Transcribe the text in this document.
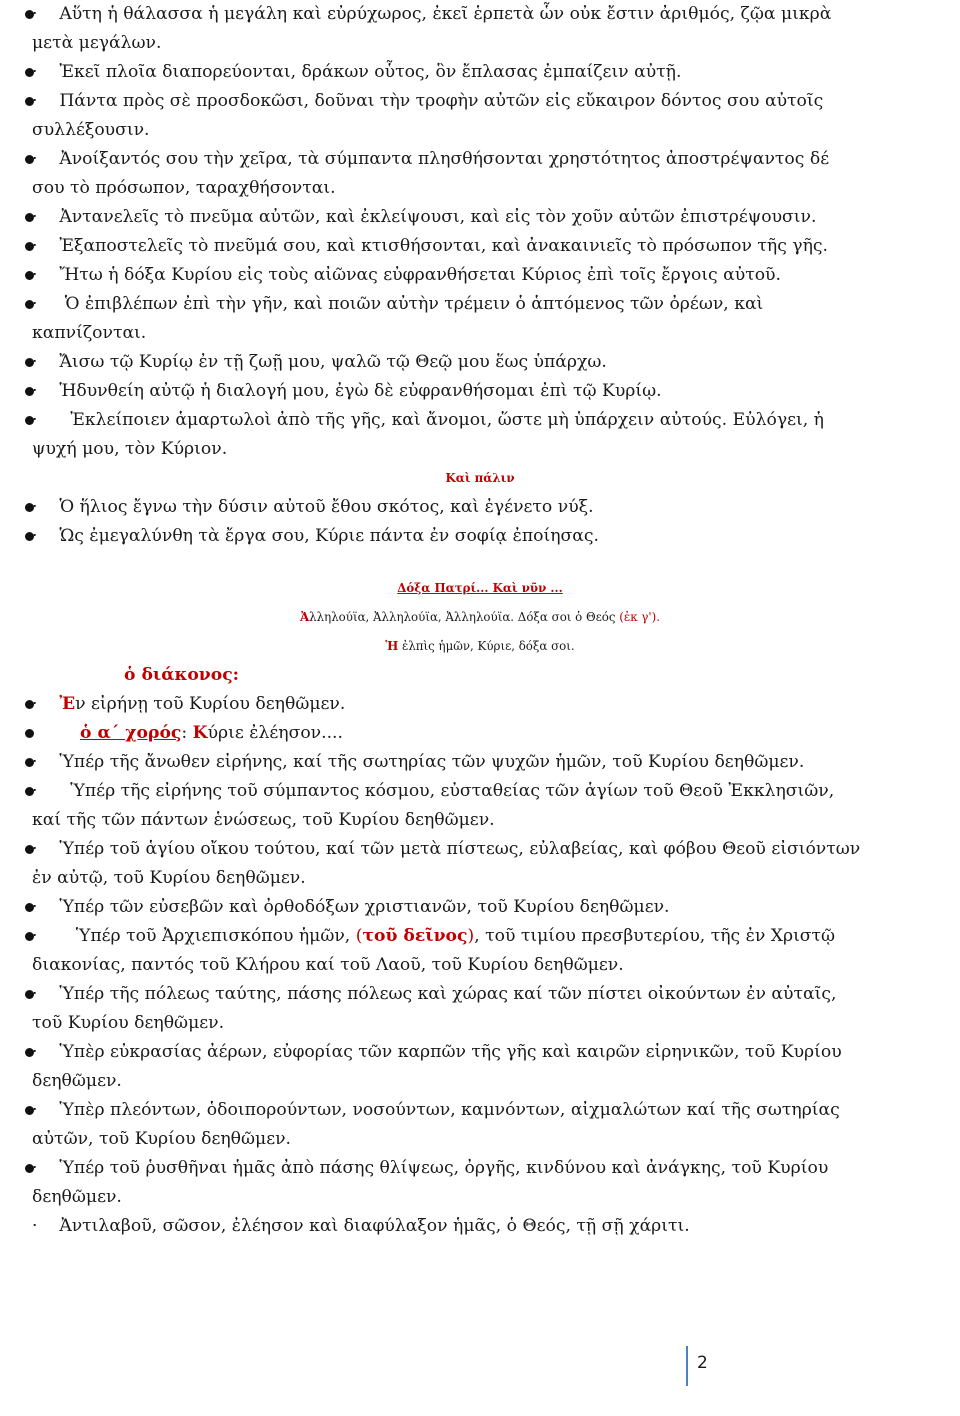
·    Αὕτη ἡ θάλασσα ἡ μεγάλη καὶ εὐρύχωρος, ἐκεῖ ἑρπετὰ ὧν οὐκ ἔστιν ἀριθμός, ζῷα μικρὰ
μετὰ μεγάλων.
·    Ἐκεῖ πλοῖα διαπορεύονται, δράκων οὗτος, ὃν ἔπλασας ἐμπαίζειν αὐτῇ.
·    Πάντα πρὸς σὲ προσδοκῶσι, δοῦναι τὴν τροφὴν αὐτῶν εἰς εὔκαιρον δόντος σου αὐτοῖς
συλλέξουσιν.
·    Ἀνοίξαντός σου τὴν χεῖρα, τὰ σύμπαντα πλησθήσονται χρηστότητος ἀποστρέψαντος δέ
σου τὸ πρόσωπον, ταραχθήσονται.
·    Ἀντανελεῖς τὸ πνεῦμα αὐτῶν, καὶ ἐκλείψουσι, καὶ εἰς τὸν χοῦν αὐτῶν ἐπιστρέψουσιν.
·    Ἐξαποστελεῖς τὸ πνεῦμά σου, καὶ κτισθήσονται, καὶ ἀνακαινιεῖς τὸ πρόσωπον τῆς γῆς.
·    Ἤτω ἡ δόξα Κυρίου εἰς τοὺς αἰῶνας εὐφρανθήσεται Κύριος ἐπὶ τοῖς ἔργοις αὐτοῦ.
·     Ὁ ἐπιβλέπων ἐπὶ τὴν γῆν, καὶ ποιῶν αὐτὴν τρέμειν ὁ ἁπτόμενος τῶν ὀρέων, καὶ
καπνίζονται.
·    Ἄισω τῷ Κυρίῳ ἐν τῇ ζωῇ μου, ψαλῶ τῷ Θεῷ μου ἕως ὑπάρχω.
·    Ἡδυνθείη αὐτῷ ἡ διαλογή μου, ἐγὼ δὲ εὐφρανθήσομαι ἐπὶ τῷ Κυρίῳ.
·      Ἐκλείποιεν ἁμαρτωλοὶ ἀπὸ τῆς γῆς, καὶ ἄνομοι, ὥστε μὴ ὑπάρχειν αὐτούς. Εὐλόγει, ἡ
ψυχή μου, τὸν Κύριον.
Καὶ πάλιν
·    Ὁ ἥλιος ἔγνω τὴν δύσιν αὐτοῦ ἔθου σκότος, καὶ ἐγένετο νύξ.
·    Ὡς ἐμεγαλύνθη τὰ ἔργα σου, Κύριε πάντα ἐν σοφίᾳ ἐποίησας.
Δόξα Πατρί... Καὶ νῦν ...
Ἀλληλούϊα, Ἀλληλούϊα, Ἀλληλούϊα. Δόξα σοι ὁ Θεός (ἐκ γ').
Ἡ ἐλπὶς ἡμῶν, Κύριε, δόξα σοι.
ὁ διάκονος:
·    Ἐν εἰρήνῃ τοῦ Κυρίου δεηθῶμεν.
ὁ α΄ χορός: Κύριε ἐλέησον....
·    Ὑπέρ τῆς ἄνωθεν εἰρήνης, καί τῆς σωτηρίας τῶν ψυχῶν ἡμῶν, τοῦ Κυρίου δεηθῶμεν.
·      Ὑπέρ τῆς εἰρήνης τοῦ σύμπαντος κόσμου, εὐσταθείας τῶν ἁγίων τοῦ Θεοῦ Ἐκκλησιῶν,
καί τῆς τῶν πάντων ἑνώσεως, τοῦ Κυρίου δεηθῶμεν.
·    Ὑπέρ τοῦ ἁγίου οἴκου τούτου, καί τῶν μετὰ πίστεως, εὐλαβείας, καὶ φόβου Θεοῦ εἰσιόντων
ἐν αὐτῷ, τοῦ Κυρίου δεηθῶμεν.
·    Ὑπέρ τῶν εὐσεβῶν καὶ ὀρθοδόξων χριστιανῶν, τοῦ Κυρίου δεηθῶμεν.
·       Ὑπέρ τοῦ Ἀρχιεπισκόπου ἡμῶν, (τοῦ δεῖνος), τοῦ τιμίου πρεσβυτερίου, τῆς ἐν Χριστῷ
διακονίας, παντός τοῦ Κλήρου καί τοῦ Λαοῦ, τοῦ Κυρίου δεηθῶμεν.
·    Ὑπέρ τῆς πόλεως ταύτης, πάσης πόλεως καὶ χώρας καί τῶν πίστει οἰκούντων ἐν αὐταῖς,
τοῦ Κυρίου δεηθῶμεν.
·    Ὑπὲρ εὐκρασίας ἀέρων, εὐφορίας τῶν καρπῶν τῆς γῆς καὶ καιρῶν εἰρηνικῶν, τοῦ Κυρίου
δεηθῶμεν.
·    Ὑπὲρ πλεόντων, ὁδοιπορούντων, νοσούντων, καμνόντων, αἰχμαλώτων καί τῆς σωτηρίας
αὐτῶν, τοῦ Κυρίου δεηθῶμεν.
·    Ὑπέρ τοῦ ῥυσθῆναι ἡμᾶς ἀπὸ πάσης θλίψεως, ὀργῆς, κινδύνου καὶ ἀνάγκης, τοῦ Κυρίου
δεηθῶμεν.
·    Ἀντιλαβοῦ, σῶσον, ἐλέησον καὶ διαφύλαξον ἡμᾶς, ὁ Θεός, τῇ σῇ χάριτι.
2
